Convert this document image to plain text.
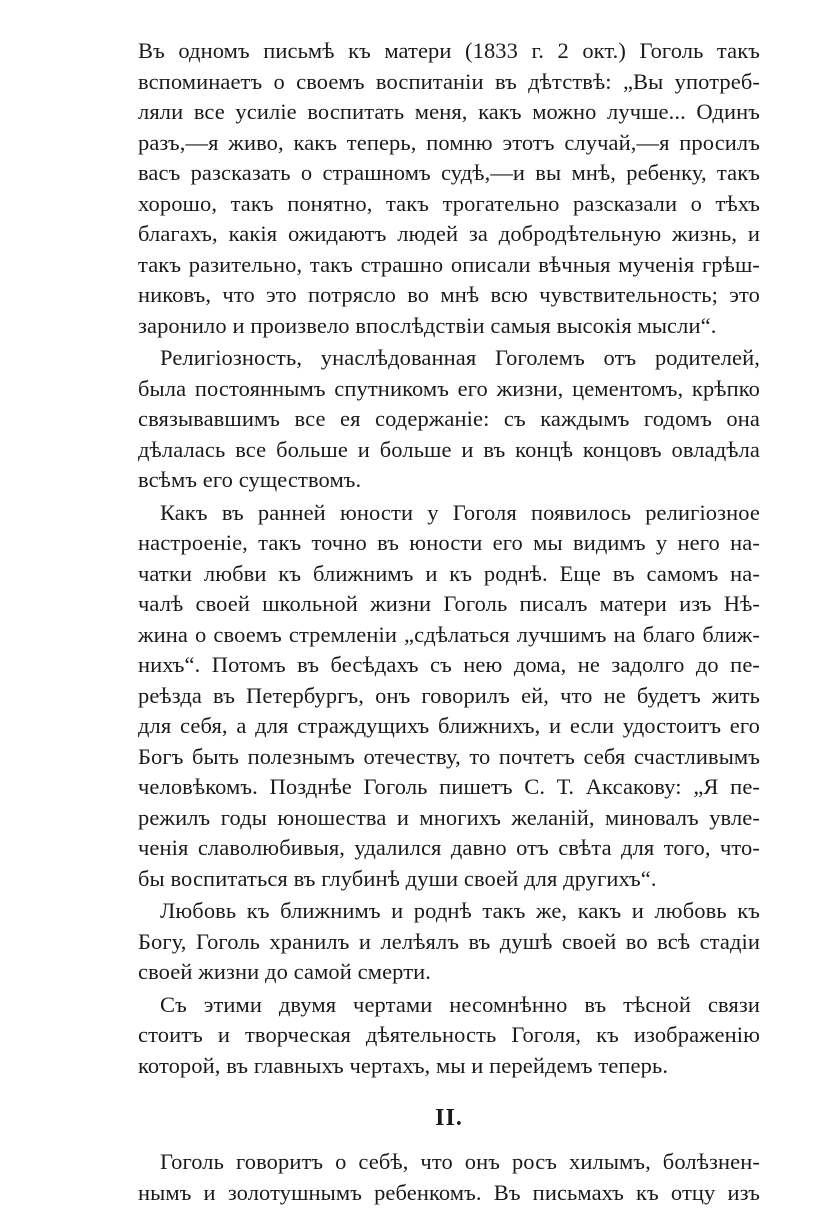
Въ одномъ письмѣ къ матери (1833 г. 2 окт.) Гоголь такъ
вспоминаетъ о своемъ воспитаніи въ дѣтствѣ: „Вы употреб-
ляли все усиліе воспитать меня, какъ можно лучше... Одинъ
разъ,—я живо, какъ теперь, помню этотъ случай,—я просилъ
васъ разсказать о страшномъ судѣ,—и вы мнѣ, ребенку, такъ
хорошо, такъ понятно, такъ трогательно разсказали о тѣхъ
благахъ, какія ожидаютъ людей за добродѣтельную жизнь, и
такъ разительно, такъ страшно описали вѣчныя мученія грѣш-
никовъ, что это потрясло во мнѣ всю чувствительность; это
заронило и произвело впослѣдствіи самыя высокія мысли“.
Религіозность, унаслѣдованная Гоголемъ отъ родителей,
была постояннымъ спутникомъ его жизни, цементомъ, крѣпко
связывавшимъ все ея содержаніе: съ каждымъ годомъ она
дѣлалась все больше и больше и въ концѣ концовъ овладѣла
всѣмъ его существомъ.
Какъ въ ранней юности у Гоголя появилось религіозное
настроеніе, такъ точно въ юности его мы видимъ у него на-
чатки любви къ ближнимъ и къ роднѣ. Еще въ самомъ на-
чалѣ своей школьной жизни Гоголь писалъ матери изъ Нѣ-
жина о своемъ стремленіи „сдѣлаться лучшимъ на благо ближ-
нихъ“. Потомъ въ бесѣдахъ съ нею дома, не задолго до пе-
реѣзда въ Петербургъ, онъ говорилъ ей, что не будетъ жить
для себя, а для страждущихъ ближнихъ, и если удостоитъ его
Богъ быть полезнымъ отечеству, то почтетъ себя счастливымъ
человѣкомъ. Позднѣе Гоголь пишетъ С. Т. Аксакову: „Я пе-
режилъ годы юношества и многихъ желаній, миновалъ увле-
ченія славолюбивыя, удалился давно отъ свѣта для того, что-
бы воспитаться въ глубинѣ души своей для другихъ“.
Любовь къ ближнимъ и роднѣ такъ же, какъ и любовь къ
Богу, Гоголь хранилъ и лелѣялъ въ душѣ своей во всѣ стадіи
своей жизни до самой смерти.
Съ этими двумя чертами несомнѣнно въ тѣсной связи
стоитъ и творческая дѣятельность Гоголя, къ изображенію
которой, въ главныхъ чертахъ, мы и перейдемъ теперь.
II.
Гоголь говоритъ о себѣ, что онъ росъ хилымъ, болѣзнен-
нымъ и золотушнымъ ребенкомъ. Въ письмахъ къ отцу изъ
